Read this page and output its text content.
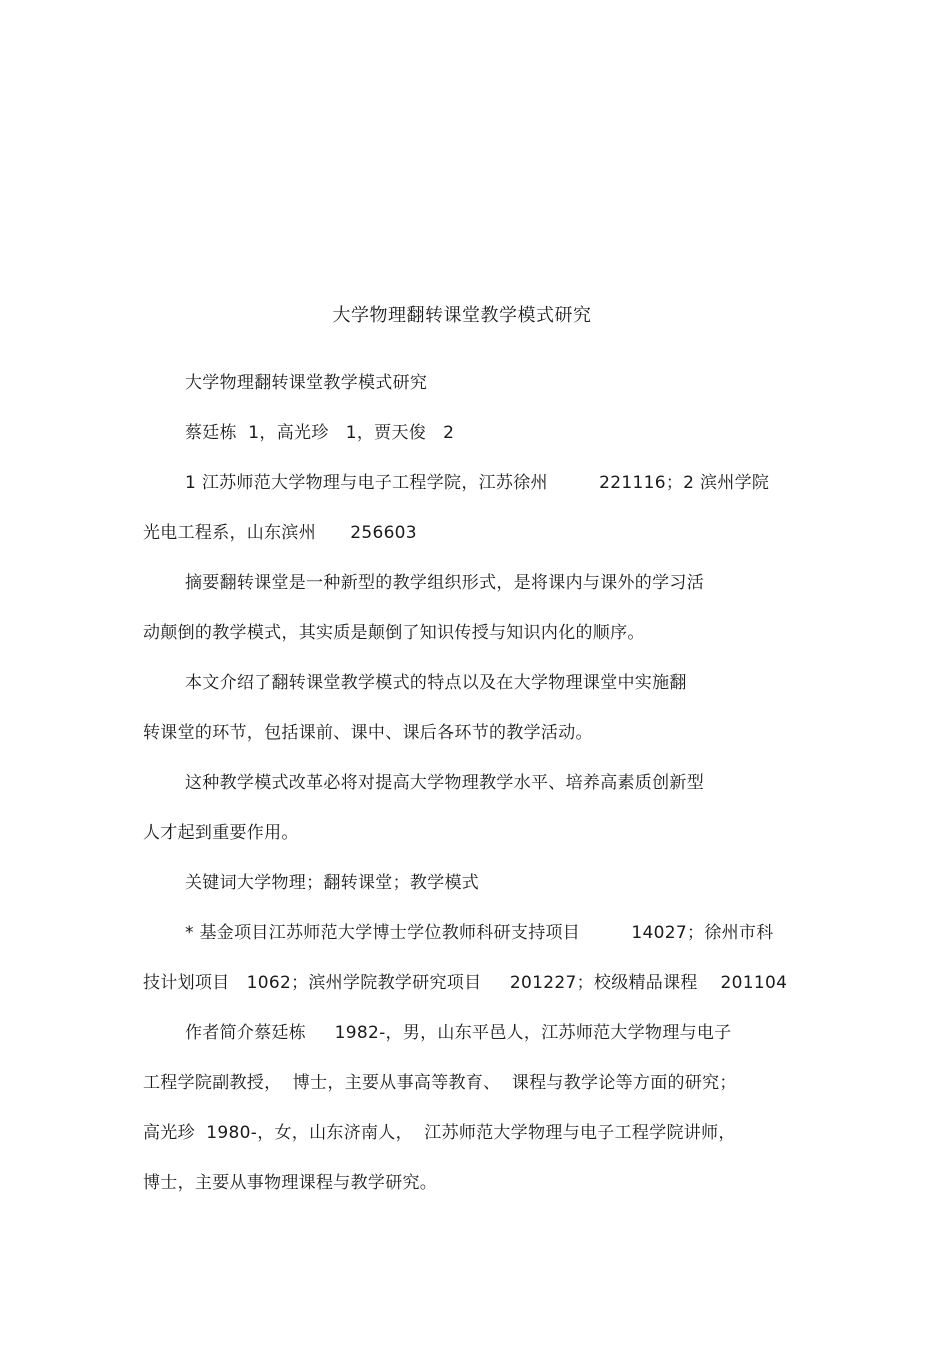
大学物理翻转课堂教学模式研究
大学物理翻转课堂教学模式研究
蔡廷栋  1，高光珍   1，贾天俊   2
1 江苏师范大学物理与电子工程学院，江苏徐州         221116；2 滨州学院
光电工程系，山东滨州      256603
摘要翻转课堂是一种新型的教学组织形式，是将课内与课外的学习活
动颠倒的教学模式，其实质是颠倒了知识传授与知识内化的顺序。
本文介绍了翻转课堂教学模式的特点以及在大学物理课堂中实施翻
转课堂的环节，包括课前、课中、课后各环节的教学活动。
这种教学模式改革必将对提高大学物理教学水平、培养高素质创新型
人才起到重要作用。
关键词大学物理；翻转课堂；教学模式
* 基金项目江苏师范大学博士学位教师科研支持项目         14027；徐州市科
技计划项目   1062；滨州学院教学研究项目     201227；校级精品课程    201104
作者简介蔡廷栋     1982-，男，山东平邑人，江苏师范大学物理与电子
工程学院副教授，  博士，主要从事高等教育、  课程与教学论等方面的研究；
高光珍  1980-，女，山东济南人，  江苏师范大学物理与电子工程学院讲师，
博士，主要从事物理课程与教学研究。
